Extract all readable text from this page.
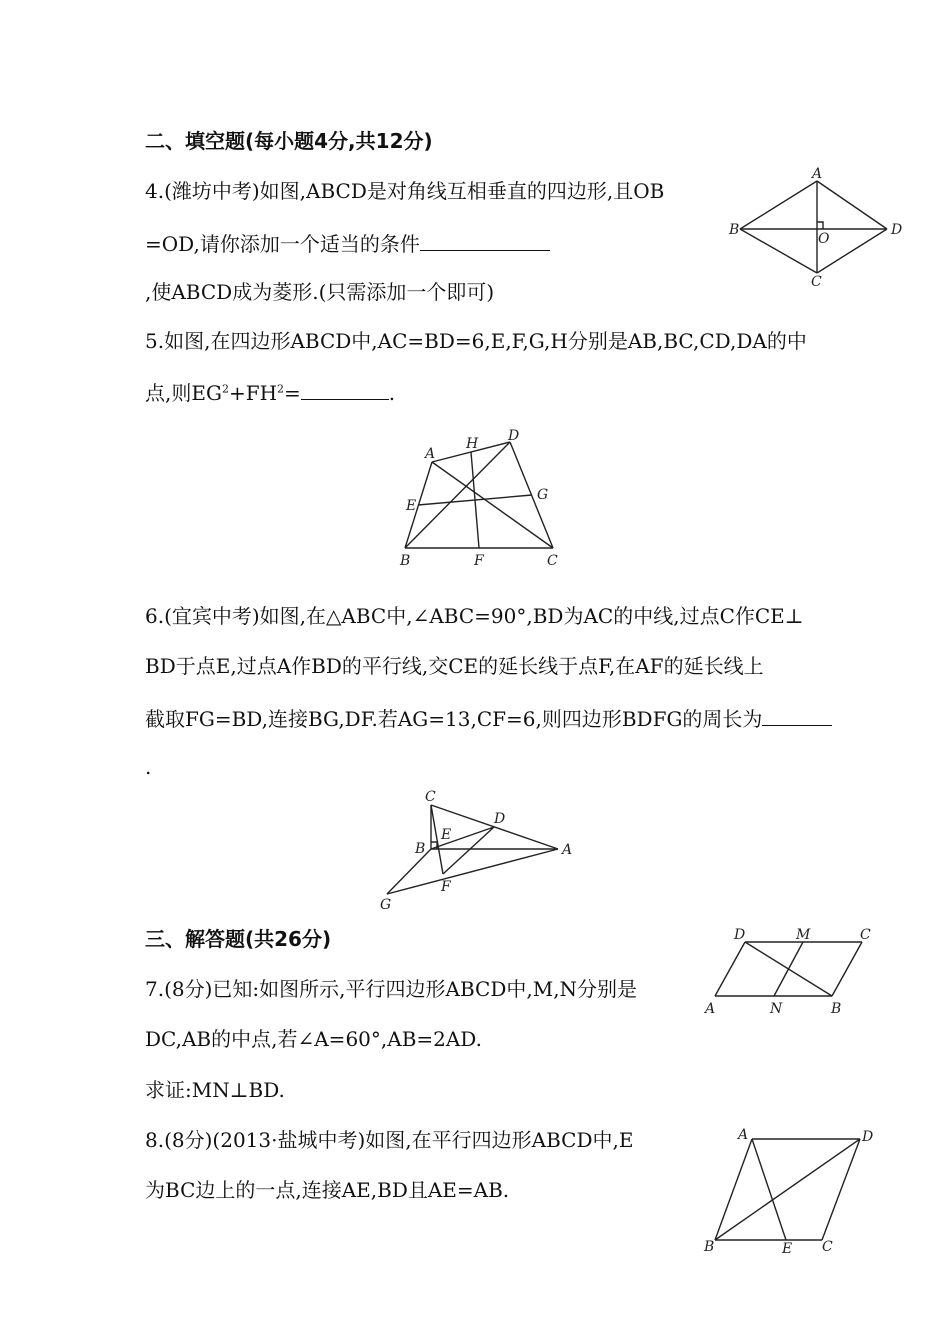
二、填空题(每小题4分,共12分)
4.(潍坊中考)如图,ABCD是对角线互相垂直的四边形,且OB
=OD,请你添加一个适当的条件
,使ABCD成为菱形.(只需添加一个即可)
A
B
C
D
O
5.如图,在四边形ABCD中,AC=BD=6,E,F,G,H分别是AB,BC,CD,DA的中
点,则$EG^2+FH^2=$	.
A
H D
G
E
B	F	C
6.(宜宾中考)如图,在△ABC中,∠ABC=90°,BD为AC的中线,过点C作CE⊥
BD于点E,过点A作BD的平行线,交CE的延长线于点F,在AF的延长线上
截取FG=BD,连接BG,DF.若AG=13,CF=6,则四边形BDFG的周长为
.
C
D
E
B	A
F
G
三、解答题(共26分)
7.(8分)已知:如图所示,平行四边形ABCD中,M,N分别是
DC,AB的中点,若∠A=60°,AB=2AD.
求证:MN⊥BD.
D	M	C
A	N	B
8.(8分)(2013·盐城中考)如图,在平行四边形ABCD中,E
为BC边上的一点,连接AE,BD且AE=AB.
A	D
B	E C
